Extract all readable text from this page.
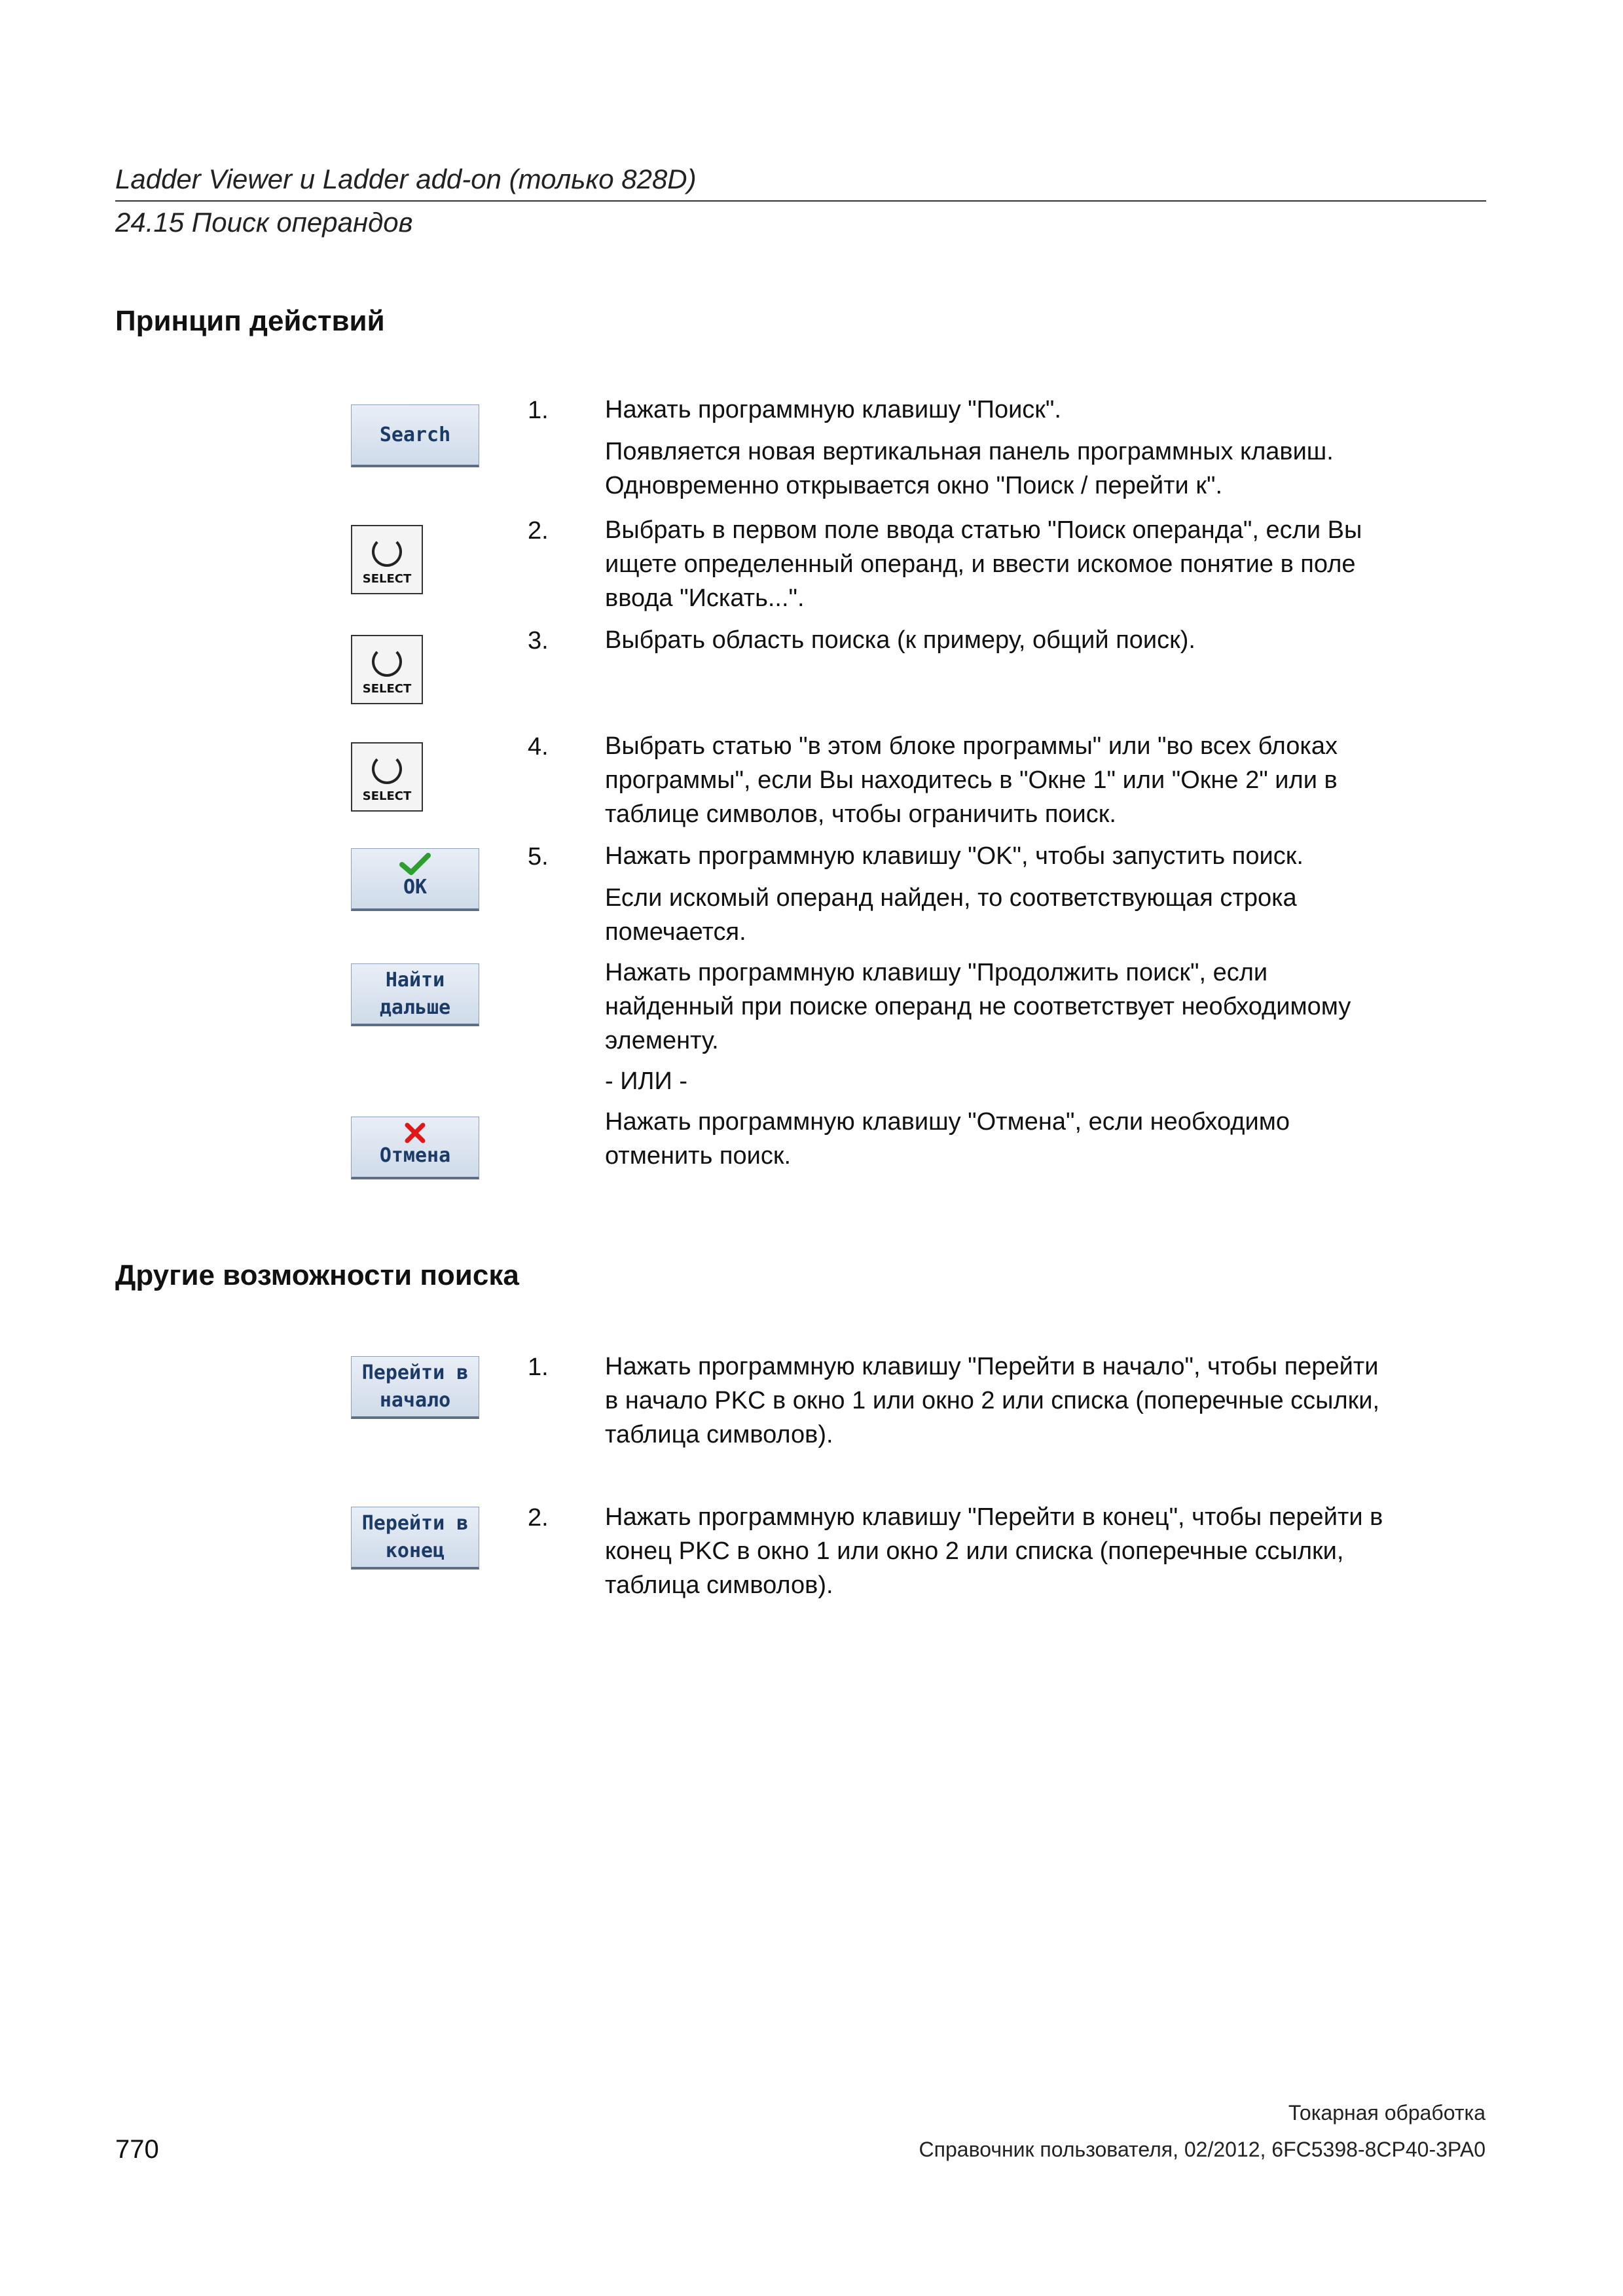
Ladder Viewer и Ladder add-on (только 828D)
24.15 Поиск операндов
Принцип действий
Search
SELECT
SELECT
SELECT
OK
Найти
дальше
Отмена
1. Нажать программную клавишу "Поиск".
Появляется новая вертикальная панель программных клавиш.
Одновременно открывается окно "Поиск / перейти к".
2. Выбрать в первом поле ввода статью "Поиск операнда", если Вы
ищете определенный операнд, и ввести искомое понятие в поле
ввода "Искать...".
3. Выбрать область поиска (к примеру, общий поиск).
4. Выбрать статью "в этом блоке программы" или "во всех блоках
программы", если Вы находитесь в "Окне 1" или "Окне 2" или в
таблице символов, чтобы ограничить поиск.
5. Нажать программную клавишу "OK", чтобы запустить поиск.
Если искомый операнд найден, то соответствующая строка
помечается.
Нажать программную клавишу "Продолжить поиск", если
найденный при поиске операнд не соответствует необходимому
элементу.
- ИЛИ -
Нажать программную клавишу "Отмена", если необходимо
отменить поиск.
Другие возможности поиска
Перейти в
начало
Перейти в
конец
1. Нажать программную клавишу "Перейти в начало", чтобы перейти
в начало PKC в окно 1 или окно 2 или списка (поперечные ссылки,
таблица символов).
2. Нажать программную клавишу "Перейти в конец", чтобы перейти в
конец PKC в окно 1 или окно 2 или списка (поперечные ссылки,
таблица символов).
Токарная обработка
770	Справочник пользователя, 02/2012, 6FC5398-8CP40-3PA0
